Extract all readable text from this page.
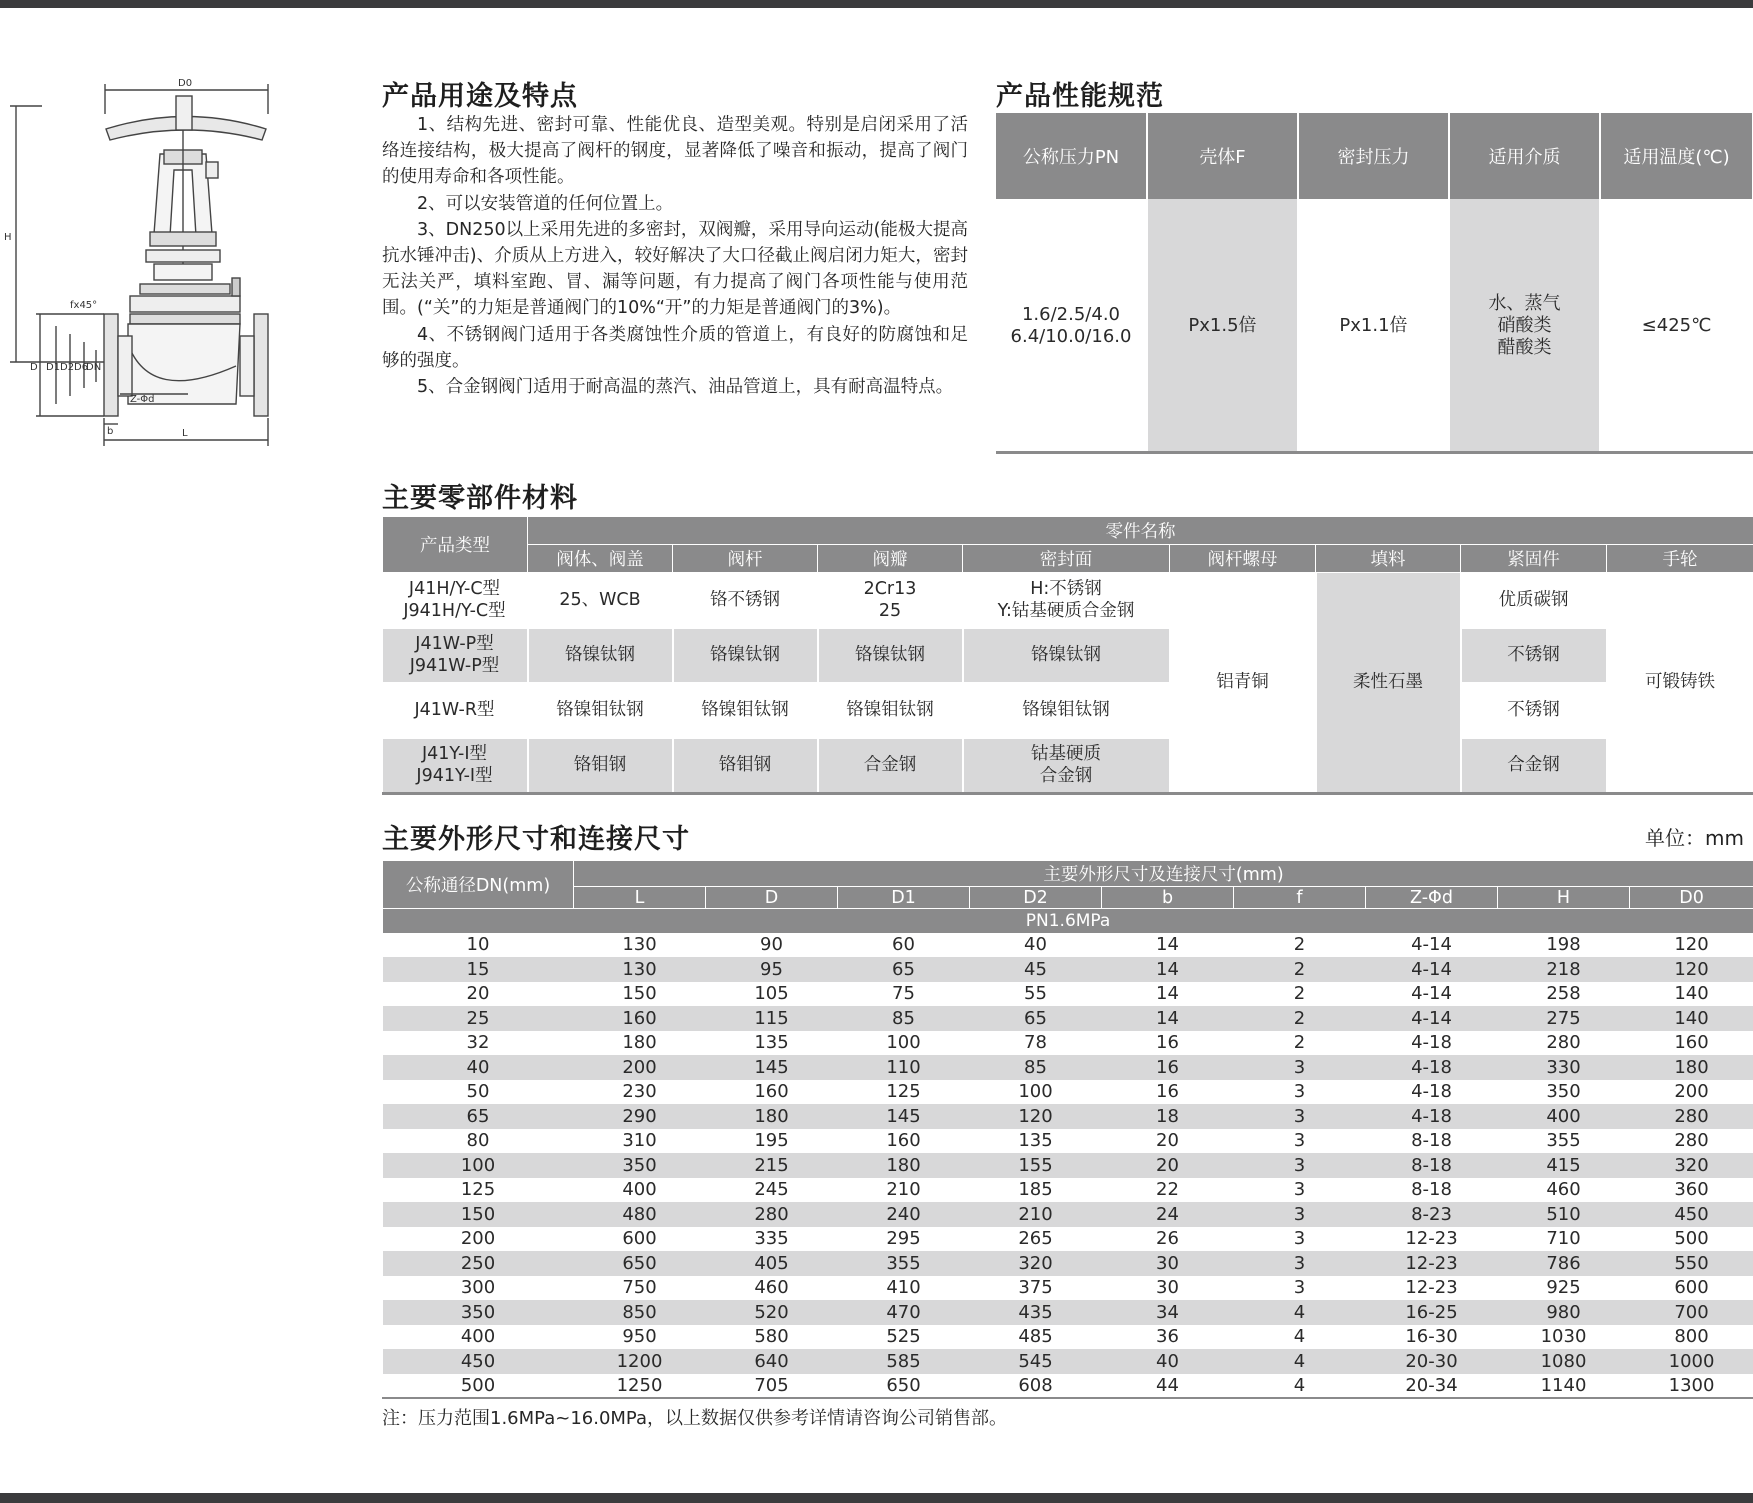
D0
H
fx45°
D D1 D2 D6
DN
Z-Φd
b	L
产品用途及特点

1、结构先进、密封可靠、性能优良、造型美观。特别是启闭采用了活络连接结构，极大提高了阀杆的钢度，显著降低了噪音和振动，提高了阀门的使用寿命和各项性能。

2、可以安装管道的任何位置上。

3、DN250以上采用先进的多密封，双阀瓣，采用导向运动(能极大提高抗水锤冲击)、介质从上方进入，较好解决了大口径截止阀启闭力矩大，密封无法关严，填料室跑、冒、漏等问题，有力提高了阀门各项性能与使用范围。(“关”的力矩是普通阀门的10%“开”的力矩是普通阀门的3%)。

4、不锈钢阀门适用于各类腐蚀性介质的管道上，有良好的防腐蚀和足够的强度。

5、合金钢阀门适用于耐高温的蒸汽、油品管道上，具有耐高温特点。

产品性能规范
公称压力PN	壳体F	密封压力	适用介质	适用温度(℃)
1.6/2.5/4.0
6.4/10.0/16.0	Px1.5倍	Px1.1倍	水、蒸气
硝酸类
醋酸类	≤425℃
主要零部件材料
产品类型	零件名称							
	阀体、阀盖	阀杆	阀瓣	密封面	阀杆螺母	填料	紧固件	手轮
J41H/Y-C型
J941H/Y-C型	25、WCB	铬不锈钢	2Cr13
25	H:不锈钢
Y:钴基硬质合金钢	铝青铜	柔性石墨	优质碳钢	可锻铸铁
J41W-P型
J941W-P型	铬镍钛钢	铬镍钛钢	铬镍钛钢	铬镍钛钢			不锈钢	
J41W-R型	铬镍钼钛钢	铬镍钼钛钢	铬镍钼钛钢	铬镍钼钛钢			不锈钢	
J41Y-I型
J941Y-I型	铬钼钢	铬钼钢	合金钢	钴基硬质
合金钢			合金钢	
主要外形尺寸和连接尺寸	单位：mm
公称通径DN(mm)	主要外形尺寸及连接尺寸(mm)								
	L	D	D1	D2	b	f	Z-Φd	H	D0
PN1.6MPa									
10	130	90	60	40	14	2	4-14	198	120
15	130	95	65	45	14	2	4-14	218	120
20	150	105	75	55	14	2	4-14	258	140
25	160	115	85	65	14	2	4-14	275	140
32	180	135	100	78	16	2	4-18	280	160
40	200	145	110	85	16	3	4-18	330	180
50	230	160	125	100	16	3	4-18	350	200
65	290	180	145	120	18	3	4-18	400	280
80	310	195	160	135	20	3	8-18	355	280
100	350	215	180	155	20	3	8-18	415	320
125	400	245	210	185	22	3	8-18	460	360
150	480	280	240	210	24	3	8-23	510	450
200	600	335	295	265	26	3	12-23	710	500
250	650	405	355	320	30	3	12-23	786	550
300	750	460	410	375	30	3	12-23	925	600
350	850	520	470	435	34	4	16-25	980	700
400	950	580	525	485	36	4	16-30	1030	800
450	1200	640	585	545	40	4	20-30	1080	1000
500	1250	705	650	608	44	4	20-34	1140	1300
注：压力范围1.6MPa~16.0MPa，以上数据仅供参考详情请咨询公司销售部。
